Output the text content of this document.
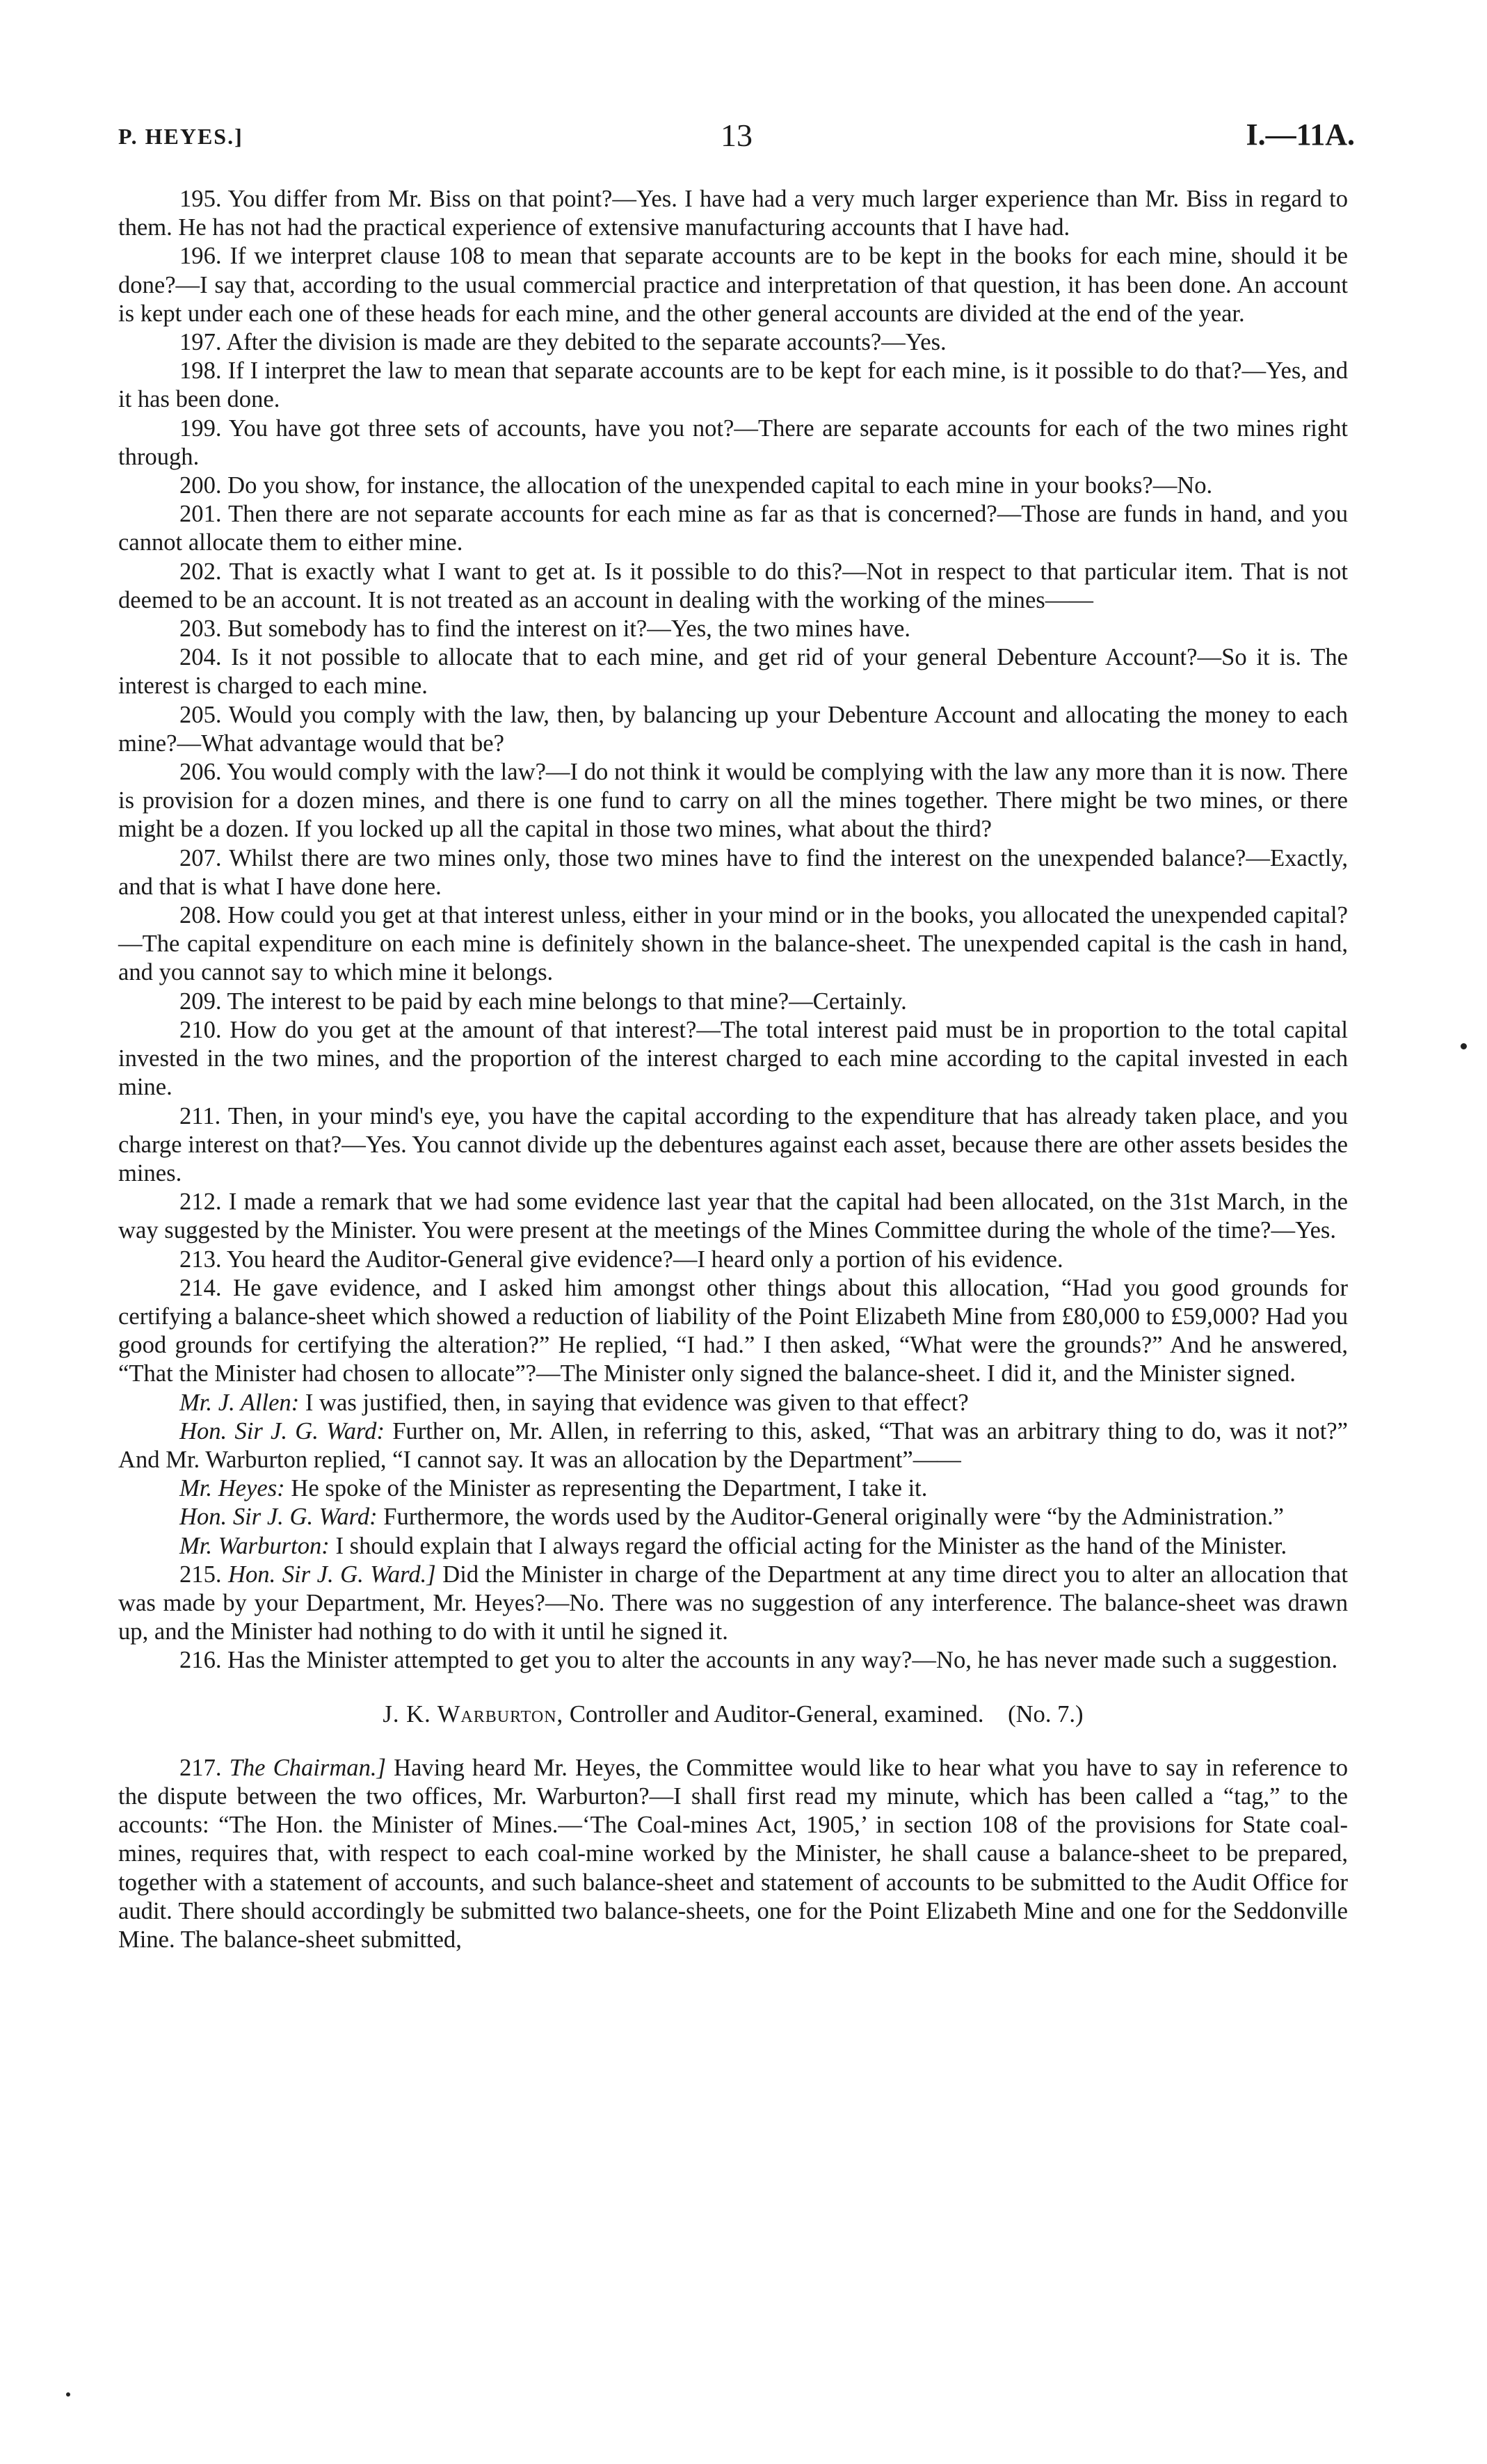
P. HEYES.]	13	I.—11A.

195. You differ from Mr. Biss on that point?—Yes. I have had a very much larger experience than Mr. Biss in regard to them. He has not had the practical experience of extensive manufacturing accounts that I have had.

196. If we interpret clause 108 to mean that separate accounts are to be kept in the books for each mine, should it be done?—I say that, according to the usual commercial practice and interpretation of that question, it has been done. An account is kept under each one of these heads for each mine, and the other general accounts are divided at the end of the year.

197. After the division is made are they debited to the separate accounts?—Yes.

198. If I interpret the law to mean that separate accounts are to be kept for each mine, is it possible to do that?—Yes, and it has been done.

199. You have got three sets of accounts, have you not?—There are separate accounts for each of the two mines right through.

200. Do you show, for instance, the allocation of the unexpended capital to each mine in your books?—No.

201. Then there are not separate accounts for each mine as far as that is concerned?—Those are funds in hand, and you cannot allocate them to either mine.

202. That is exactly what I want to get at. Is it possible to do this?—Not in respect to that particular item. That is not deemed to be an account. It is not treated as an account in dealing with the working of the mines——

203. But somebody has to find the interest on it?—Yes, the two mines have.

204. Is it not possible to allocate that to each mine, and get rid of your general Debenture Account?—So it is. The interest is charged to each mine.

205. Would you comply with the law, then, by balancing up your Debenture Account and allocating the money to each mine?—What advantage would that be?

206. You would comply with the law?—I do not think it would be complying with the law any more than it is now. There is provision for a dozen mines, and there is one fund to carry on all the mines together. There might be two mines, or there might be a dozen. If you locked up all the capital in those two mines, what about the third?

207. Whilst there are two mines only, those two mines have to find the interest on the unexpended balance?—Exactly, and that is what I have done here.

208. How could you get at that interest unless, either in your mind or in the books, you allocated the unexpended capital?—The capital expenditure on each mine is definitely shown in the balance-sheet. The unexpended capital is the cash in hand, and you cannot say to which mine it belongs.

209. The interest to be paid by each mine belongs to that mine?—Certainly.

210. How do you get at the amount of that interest?—The total interest paid must be in proportion to the total capital invested in the two mines, and the proportion of the interest charged to each mine according to the capital invested in each mine.

211. Then, in your mind's eye, you have the capital according to the expenditure that has already taken place, and you charge interest on that?—Yes. You cannot divide up the debentures against each asset, because there are other assets besides the mines.

212. I made a remark that we had some evidence last year that the capital had been allocated, on the 31st March, in the way suggested by the Minister. You were present at the meetings of the Mines Committee during the whole of the time?—Yes.

213. You heard the Auditor-General give evidence?—I heard only a portion of his evidence.

214. He gave evidence, and I asked him amongst other things about this allocation, “Had you good grounds for certifying a balance-sheet which showed a reduction of liability of the Point Elizabeth Mine from £80,000 to £59,000? Had you good grounds for certifying the alteration?” He replied, “I had.” I then asked, “What were the grounds?” And he answered, “That the Minister had chosen to allocate”?—The Minister only signed the balance-sheet. I did it, and the Minister signed.

Mr. J. Allen: I was justified, then, in saying that evidence was given to that effect?

Hon. Sir J. G. Ward: Further on, Mr. Allen, in referring to this, asked, “That was an arbitrary thing to do, was it not?” And Mr. Warburton replied, “I cannot say. It was an allocation by the Department”——

Mr. Heyes: He spoke of the Minister as representing the Department, I take it.

Hon. Sir J. G. Ward: Furthermore, the words used by the Auditor-General originally were “by the Administration.”

Mr. Warburton: I should explain that I always regard the official acting for the Minister as the hand of the Minister.

215. Hon. Sir J. G. Ward.] Did the Minister in charge of the Department at any time direct you to alter an allocation that was made by your Department, Mr. Heyes?—No. There was no suggestion of any interference. The balance-sheet was drawn up, and the Minister had nothing to do with it until he signed it.

216. Has the Minister attempted to get you to alter the accounts in any way?—No, he has never made such a suggestion.

J. K. Warburton, Controller and Auditor-General, examined. (No. 7.)

217. The Chairman.] Having heard Mr. Heyes, the Committee would like to hear what you have to say in reference to the dispute between the two offices, Mr. Warburton?—I shall first read my minute, which has been called a “tag,” to the accounts: “The Hon. the Minister of Mines.—‘The Coal-mines Act, 1905,’ in section 108 of the provisions for State coal-mines, requires that, with respect to each coal-mine worked by the Minister, he shall cause a balance-sheet to be prepared, together with a statement of accounts, and such balance-sheet and statement of accounts to be submitted to the Audit Office for audit. There should accordingly be submitted two balance-sheets, one for the Point Elizabeth Mine and one for the Seddonville Mine. The balance-sheet submitted,
